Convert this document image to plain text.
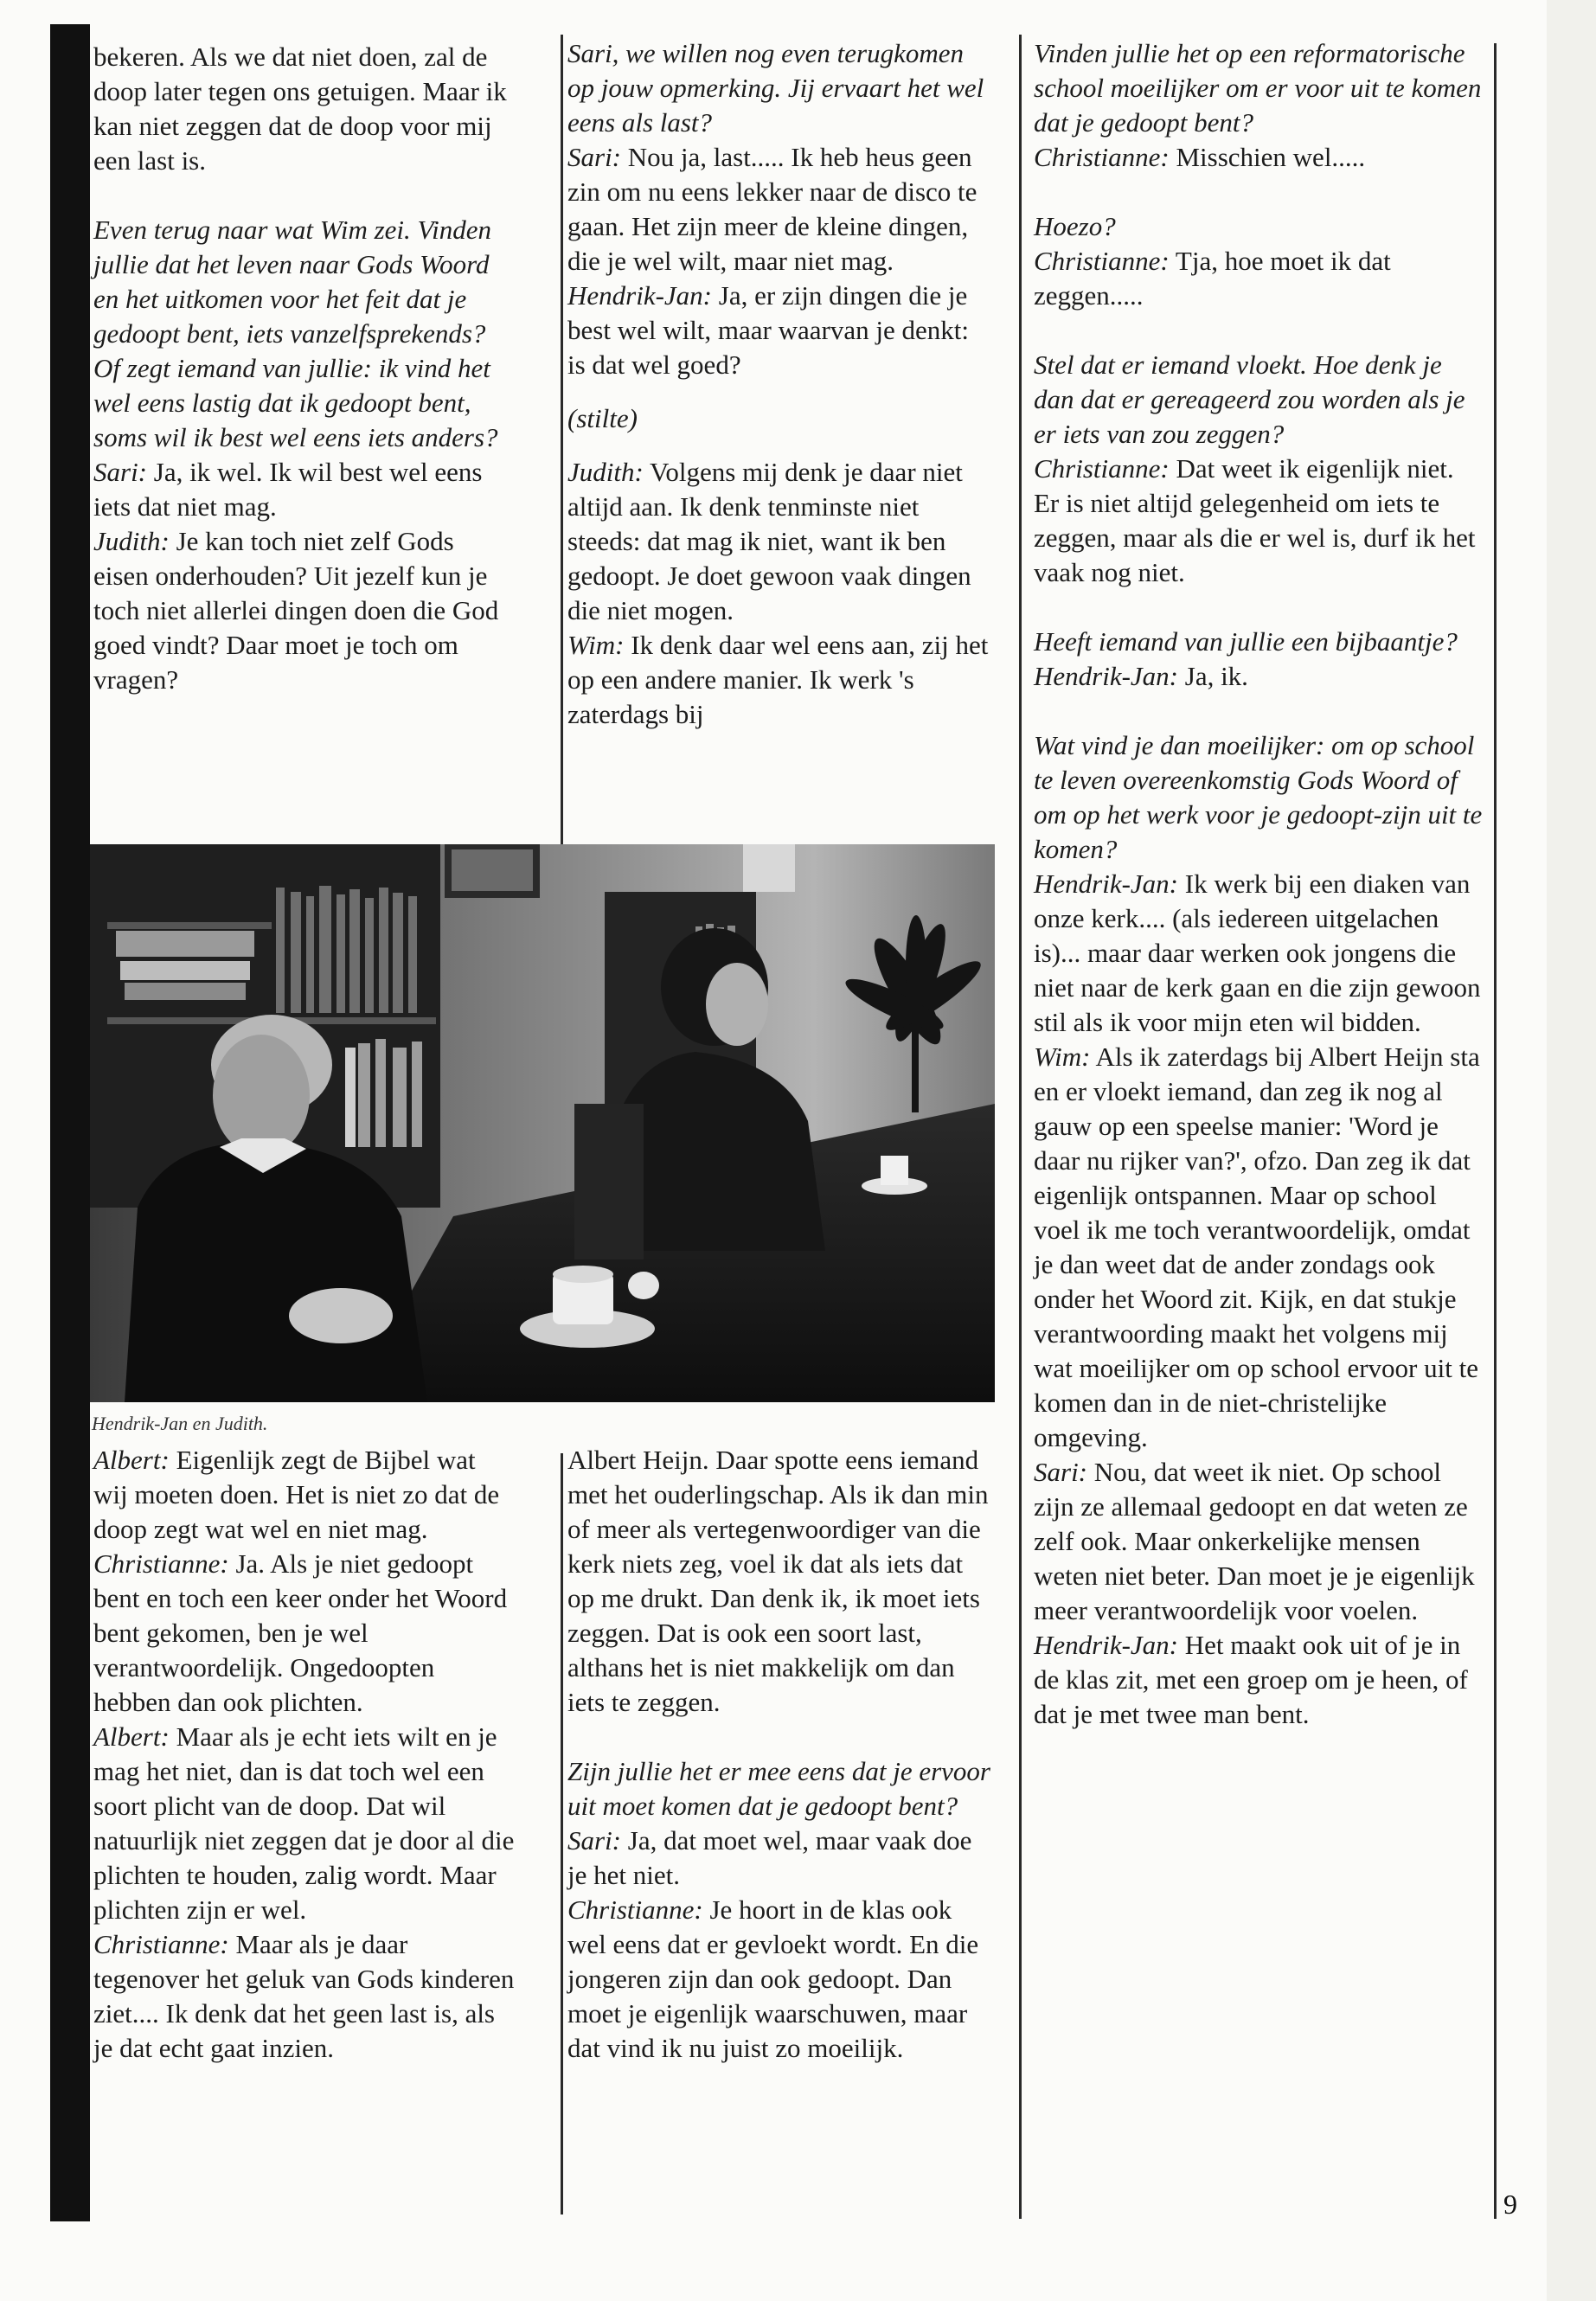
bekeren. Als we dat niet doen, zal de doop later tegen ons getuigen. Maar ik kan niet zeggen dat de doop voor mij een last is.

Even terug naar wat Wim zei. Vinden jullie dat het leven naar Gods Woord en het uitkomen voor het feit dat je gedoopt bent, iets vanzelfsprekends? Of zegt iemand van jullie: ik vind het wel eens lastig dat ik gedoopt bent, soms wil ik best wel eens iets anders?

Sari: Ja, ik wel. Ik wil best wel eens iets dat niet mag.

Judith: Je kan toch niet zelf Gods eisen onderhouden? Uit jezelf kun je toch niet allerlei dingen doen die God goed vindt? Daar moet je toch om vragen?

Sari, we willen nog even terugkomen op jouw opmerking. Jij ervaart het wel eens als last?

Sari: Nou ja, last..... Ik heb heus geen zin om nu eens lekker naar de disco te gaan. Het zijn meer de kleine dingen, die je wel wilt, maar niet mag.

Hendrik-Jan: Ja, er zijn dingen die je best wel wilt, maar waarvan je denkt: is dat wel goed?

(stilte)

Judith: Volgens mij denk je daar niet altijd aan. Ik denk tenminste niet steeds: dat mag ik niet, want ik ben gedoopt. Je doet gewoon vaak dingen die niet mogen.

Wim: Ik denk daar wel eens aan, zij het op een andere manier. Ik werk 's zaterdags bij

Hendrik-Jan en Judith.

Albert: Eigenlijk zegt de Bijbel wat wij moeten doen. Het is niet zo dat de doop zegt wat wel en niet mag.

Christianne: Ja. Als je niet gedoopt bent en toch een keer onder het Woord bent gekomen, ben je wel verantwoordelijk. Ongedoopten hebben dan ook plichten.

Albert: Maar als je echt iets wilt en je mag het niet, dan is dat toch wel een soort plicht van de doop. Dat wil natuurlijk niet zeggen dat je door al die plichten te houden, zalig wordt. Maar plichten zijn er wel.

Christianne: Maar als je daar tegenover het geluk van Gods kinderen ziet.... Ik denk dat het geen last is, als je dat echt gaat inzien.

Albert Heijn. Daar spotte eens iemand met het ouderlingschap. Als ik dan min of meer als vertegenwoordiger van die kerk niets zeg, voel ik dat als iets dat op me drukt. Dan denk ik, ik moet iets zeggen. Dat is ook een soort last, althans het is niet makkelijk om dan iets te zeggen.

Zijn jullie het er mee eens dat je ervoor uit moet komen dat je gedoopt bent?

Sari: Ja, dat moet wel, maar vaak doe je het niet.

Christianne: Je hoort in de klas ook wel eens dat er gevloekt wordt. En die jongeren zijn dan ook gedoopt. Dan moet je eigenlijk waarschuwen, maar dat vind ik nu juist zo moeilijk.

Vinden jullie het op een reformatorische school moeilijker om er voor uit te komen dat je gedoopt bent?

Christianne: Misschien wel.....

Hoezo?

Christianne: Tja, hoe moet ik dat zeggen.....

Stel dat er iemand vloekt. Hoe denk je dan dat er gereageerd zou worden als je er iets van zou zeggen?

Christianne: Dat weet ik eigenlijk niet. Er is niet altijd gelegenheid om iets te zeggen, maar als die er wel is, durf ik het vaak nog niet.

Heeft iemand van jullie een bijbaantje?

Hendrik-Jan: Ja, ik.

Wat vind je dan moeilijker: om op school te leven overeenkomstig Gods Woord of om op het werk voor je gedoopt-zijn uit te komen?

Hendrik-Jan: Ik werk bij een diaken van onze kerk.... (als iedereen uitgelachen is)... maar daar werken ook jongens die niet naar de kerk gaan en die zijn gewoon stil als ik voor mijn eten wil bidden.

Wim: Als ik zaterdags bij Albert Heijn sta en er vloekt iemand, dan zeg ik nog al gauw op een speelse manier: 'Word je daar nu rijker van?', ofzo. Dan zeg ik dat eigenlijk ontspannen. Maar op school voel ik me toch verantwoordelijk, omdat je dan weet dat de ander zondags ook onder het Woord zit. Kijk, en dat stukje verantwoording maakt het volgens mij wat moeilijker om op school ervoor uit te komen dan in de niet-christelijke omgeving.

Sari: Nou, dat weet ik niet. Op school zijn ze allemaal gedoopt en dat weten ze zelf ook. Maar onkerkelijke mensen weten niet beter. Dan moet je je eigenlijk meer verantwoordelijk voor voelen.

Hendrik-Jan: Het maakt ook uit of je in de klas zit, met een groep om je heen, of dat je met twee man bent.

9
